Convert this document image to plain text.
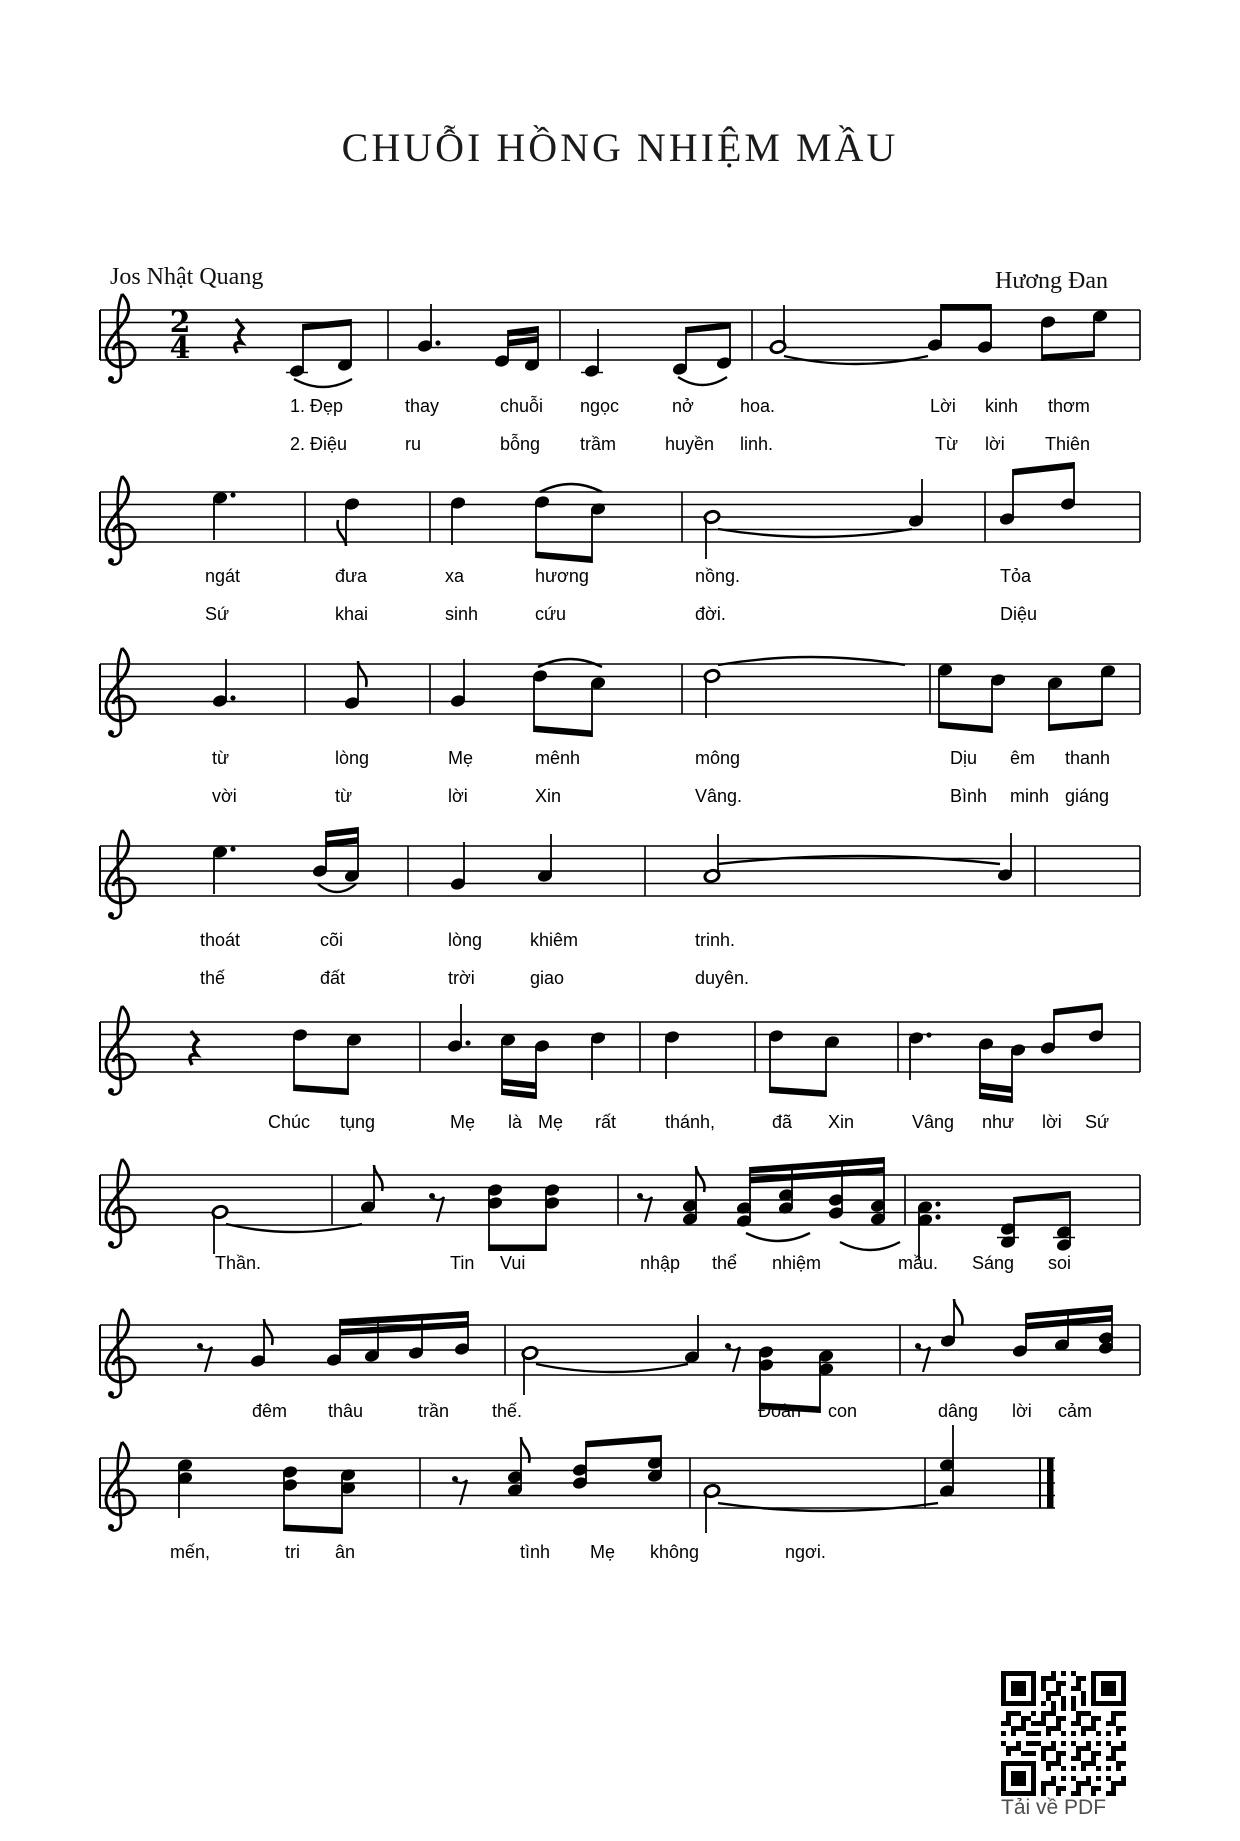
2
4
CHUỖI HỒNG NHIỆM MẦU
Jos Nhật Quang	Hương Đan
Tải về PDF
1. Đẹp	thay	chuỗi ngọc	nở	hoa.	Lời kinh thơm
2. Điệu	ru	bỗng trầm	huyền linh.	Từ lời Thiên
ngát	đưa	xa	hương	nồng.	Tỏa
Sứ	khai	sinh	cứu	đời.	Diệu
từ	lòng	Mẹ	mênh	mông	Dịu êm thanh
vời	từ	lời	Xin	Vâng.	Bình minh giáng
thoát	cõi	lòng	khiêm	trinh.
thế	đất	trời	giao	duyên.
Chúc tụng	Mẹ là Mẹ rất	thánh,	đã Xin	Vâng như lời Sứ
Thần.	Tin Vui	nhập thể nhiệm	mầu. Sáng soi
đêm thâu	trần thế.	Đoàn con	dâng lời cảm
mến,	tri ân	tình Mẹ không	ngơi.
